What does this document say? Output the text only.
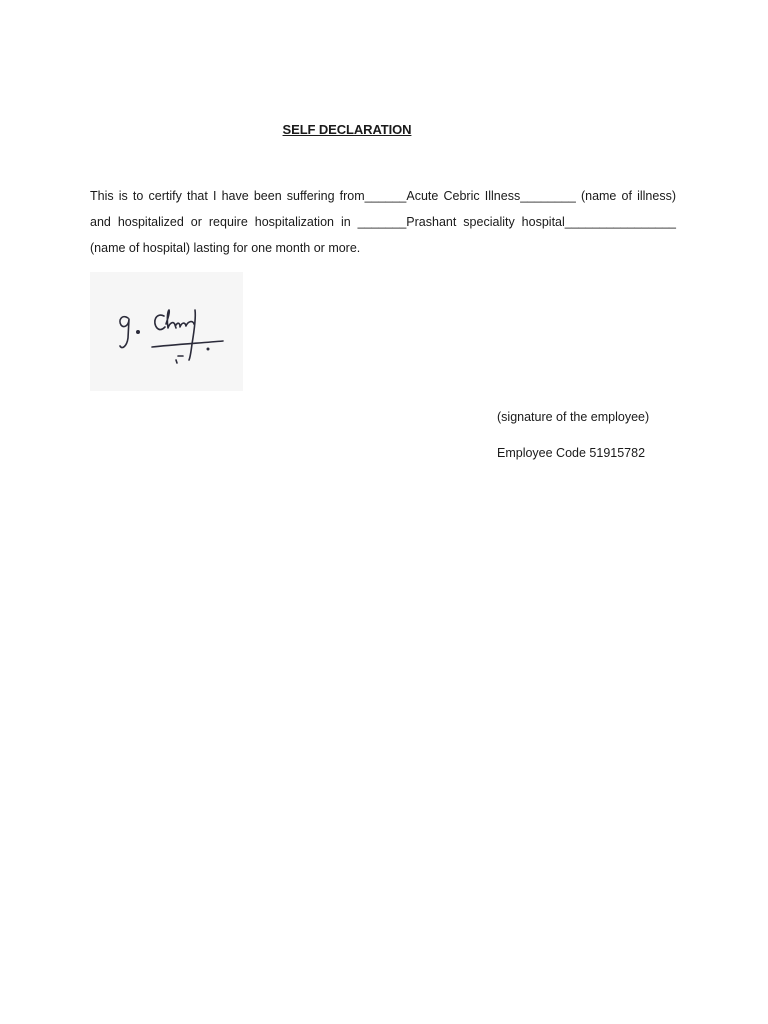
SELF DECLARATION
This is to certify that I have been suffering from______Acute Cebric Illness________ (name of illness) and hospitalized or require hospitalization in _______Prashant speciality hospital________________ (name of hospital) lasting for one month or more.
(signature of the employee)
Employee Code 51915782
